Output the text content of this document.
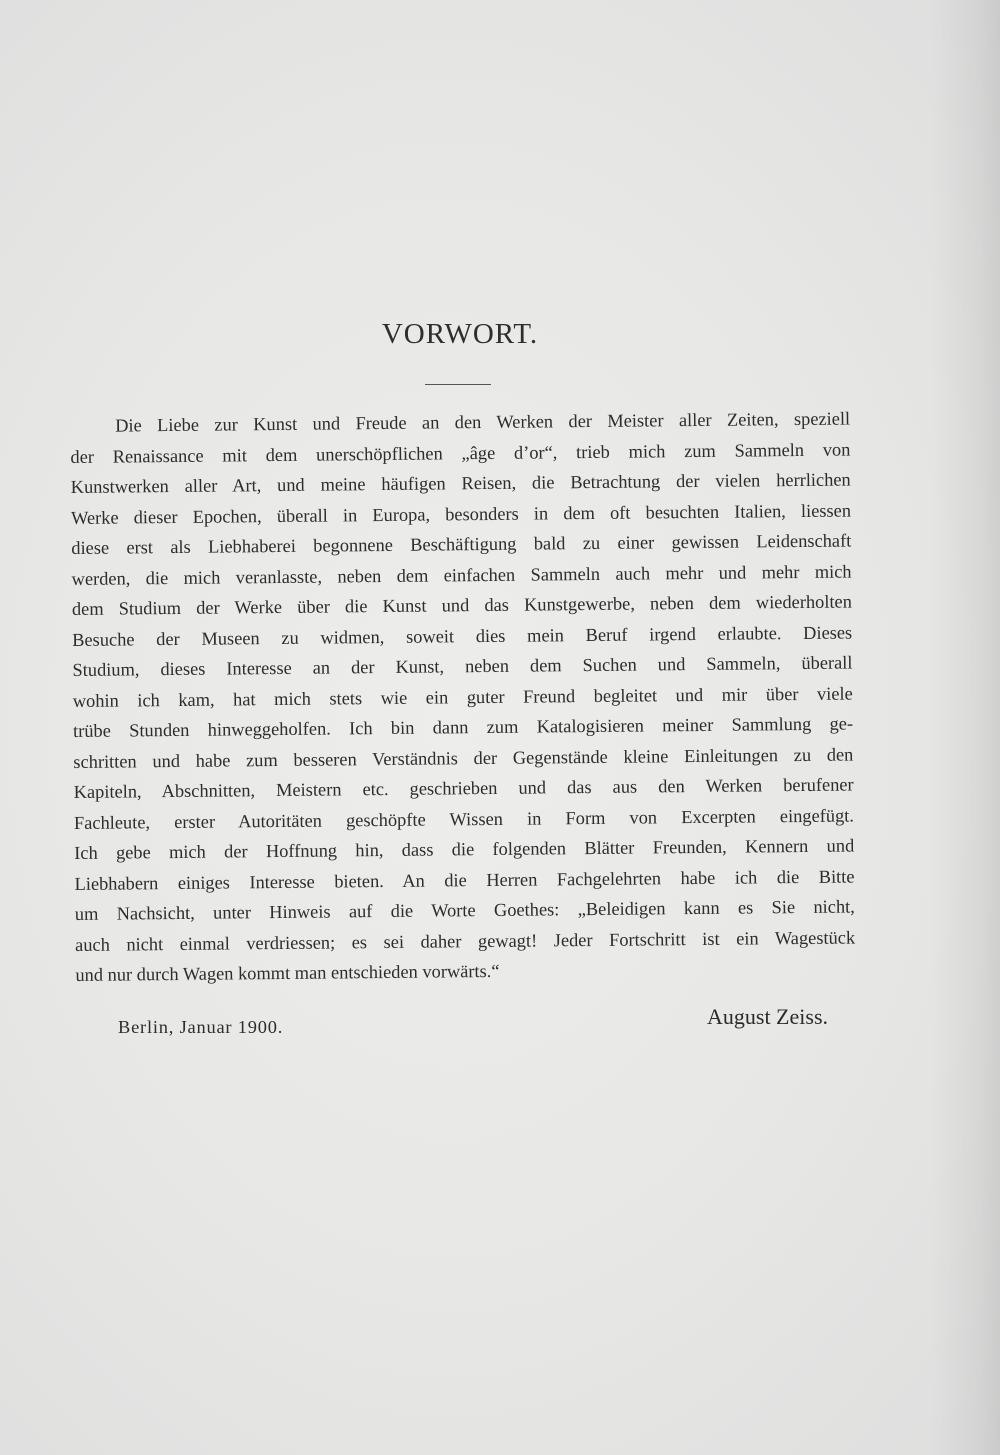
VORWORT.
Die Liebe zur Kunst und Freude an den Werken der Meister aller Zeiten, speziell
der Renaissance mit dem unerschöpflichen „âge d’or“, trieb mich zum Sammeln von
Kunstwerken aller Art, und meine häufigen Reisen, die Betrachtung der vielen herrlichen
Werke dieser Epochen, überall in Europa, besonders in dem oft besuchten Italien, liessen
diese erst als Liebhaberei begonnene Beschäftigung bald zu einer gewissen Leidenschaft
werden, die mich veranlasste, neben dem einfachen Sammeln auch mehr und mehr mich
dem Studium der Werke über die Kunst und das Kunstgewerbe, neben dem wiederholten
Besuche der Museen zu widmen, soweit dies mein Beruf irgend erlaubte. Dieses
Studium, dieses Interesse an der Kunst, neben dem Suchen und Sammeln, überall
wohin ich kam, hat mich stets wie ein guter Freund begleitet und mir über viele
trübe Stunden hinweggeholfen. Ich bin dann zum Katalogisieren meiner Sammlung ge-
schritten und habe zum besseren Verständnis der Gegenstände kleine Einleitungen zu den
Kapiteln, Abschnitten, Meistern etc. geschrieben und das aus den Werken berufener
Fachleute, erster Autoritäten geschöpfte Wissen in Form von Excerpten eingefügt.
Ich gebe mich der Hoffnung hin, dass die folgenden Blätter Freunden, Kennern und
Liebhabern einiges Interesse bieten. An die Herren Fachgelehrten habe ich die Bitte
um Nachsicht, unter Hinweis auf die Worte Goethes: „Beleidigen kann es Sie nicht,
auch nicht einmal verdriessen; es sei daher gewagt! Jeder Fortschritt ist ein Wagestück
und nur durch Wagen kommt man entschieden vorwärts.“
Berlin, Januar 1900.	August Zeiss.
